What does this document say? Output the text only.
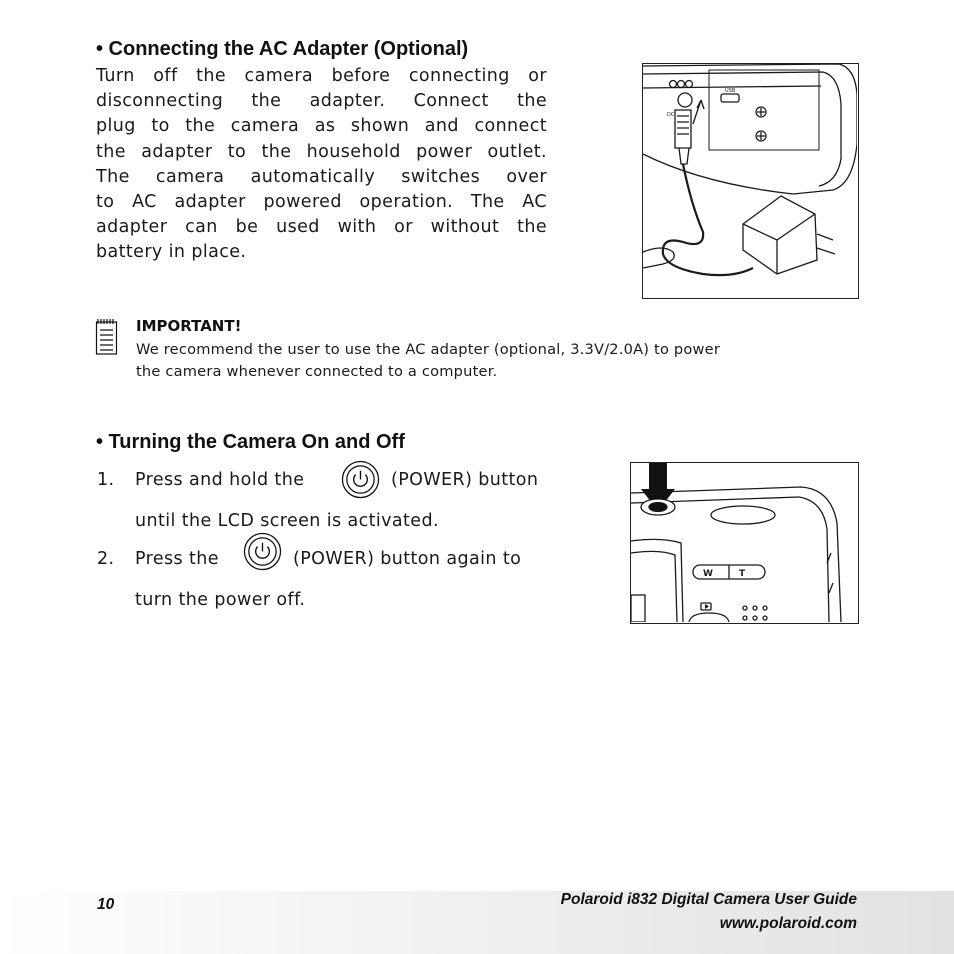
• Connecting the AC Adapter (Optional)
Turn off the camera before connecting or
disconnecting the adapter. Connect the
plug to the camera as shown and connect
the adapter to the household power outlet.
The camera automatically switches over
to AC adapter powered operation. The AC
adapter can be used with or without the
battery in place.
USB
DC
IMPORTANT!
We recommend the user to use the AC adapter (optional, 3.3V/2.0A) to power
the camera whenever connected to a computer.
• Turning the Camera On and Off
1. Press and hold the	(POWER) button
until the LCD screen is activated.
2. Press the	(POWER) button again to
turn the power off.
W	T
10	Polaroid i832 Digital Camera User Guide
www.polaroid.com
